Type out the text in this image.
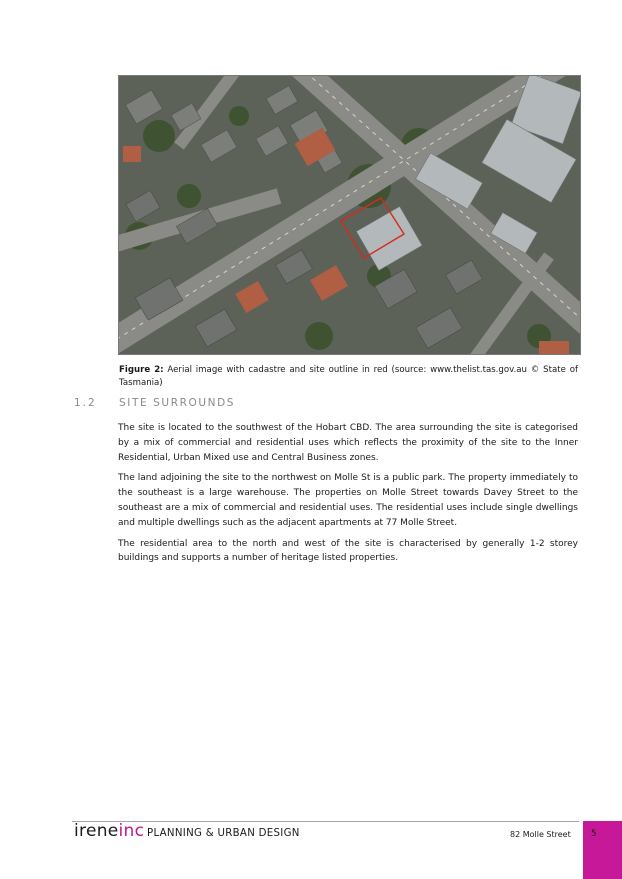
Figure 2: Aerial image with cadastre and site outline in red (source: www.thelist.tas.gov.au © State of Tasmania)
1.2 SITE SURROUNDS

The site is located to the southwest of the Hobart CBD. The area surrounding the site is categorised by a mix of commercial and residential uses which reflects the proximity of the site to the Inner Residential, Urban Mixed use and Central Business zones.

The land adjoining the site to the northwest on Molle St is a public park. The property immediately to the southeast is a large warehouse. The properties on Molle Street towards Davey Street to the southeast are a mix of commercial and residential uses. The residential uses include single dwellings and multiple dwellings such as the adjacent apartments at 77 Molle Street.

The residential area to the north and west of the site is characterised by generally 1-2 storey buildings and supports a number of heritage listed properties.

ireneinc PLANNING & URBAN DESIGN	82 Molle Street 5
